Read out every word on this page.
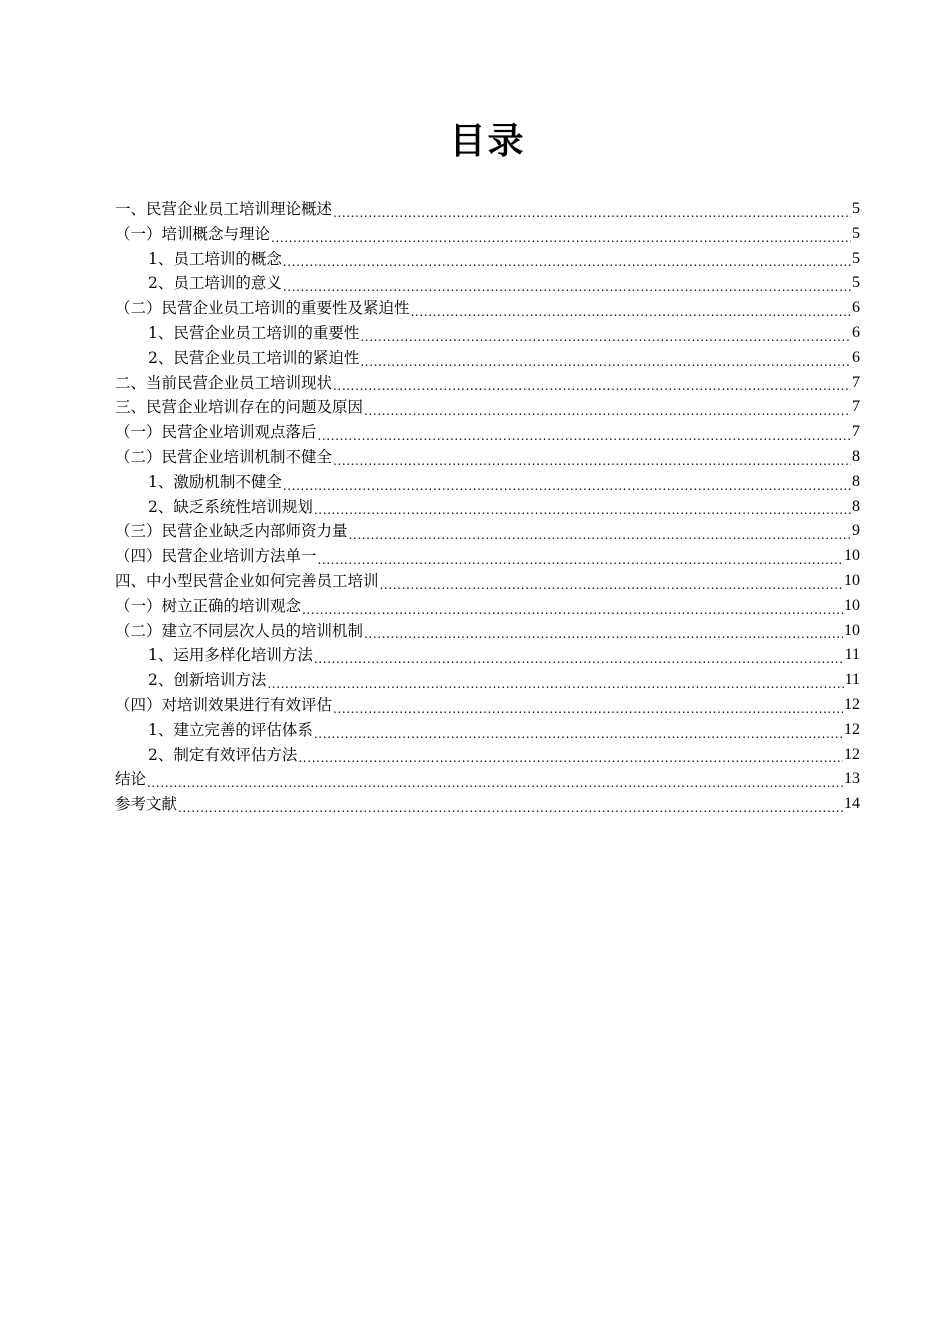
目录
一、民营企业员工培训理论概述 .....	5
（一）培训概念与理论 .....	5
1、员工培训的概念 .....	5
2、员工培训的意义 .....	5
（二）民营企业员工培训的重要性及紧迫性 .....	6
1、民营企业员工培训的重要性 .....	6
2、民营企业员工培训的紧迫性 .....	6
二、当前民营企业员工培训现状 .....	7
三、民营企业培训存在的问题及原因 .....	7
（一）民营企业培训观点落后 .....	7
（二）民营企业培训机制不健全 .....	8
1、激励机制不健全 .....	8
2、缺乏系统性培训规划 .....	8
（三）民营企业缺乏内部师资力量 .....	9
（四）民营企业培训方法单一 .....	10
四、中小型民营企业如何完善员工培训 .....	10
（一）树立正确的培训观念 .....	10
（二）建立不同层次人员的培训机制 .....	10
1、运用多样化培训方法 .....	11
2、创新培训方法 .....	11
（四）对培训效果进行有效评估 .....	12
1、建立完善的评估体系 .....	12
2、制定有效评估方法 .....	12
结论 .....	13
参考文献 .....	14
